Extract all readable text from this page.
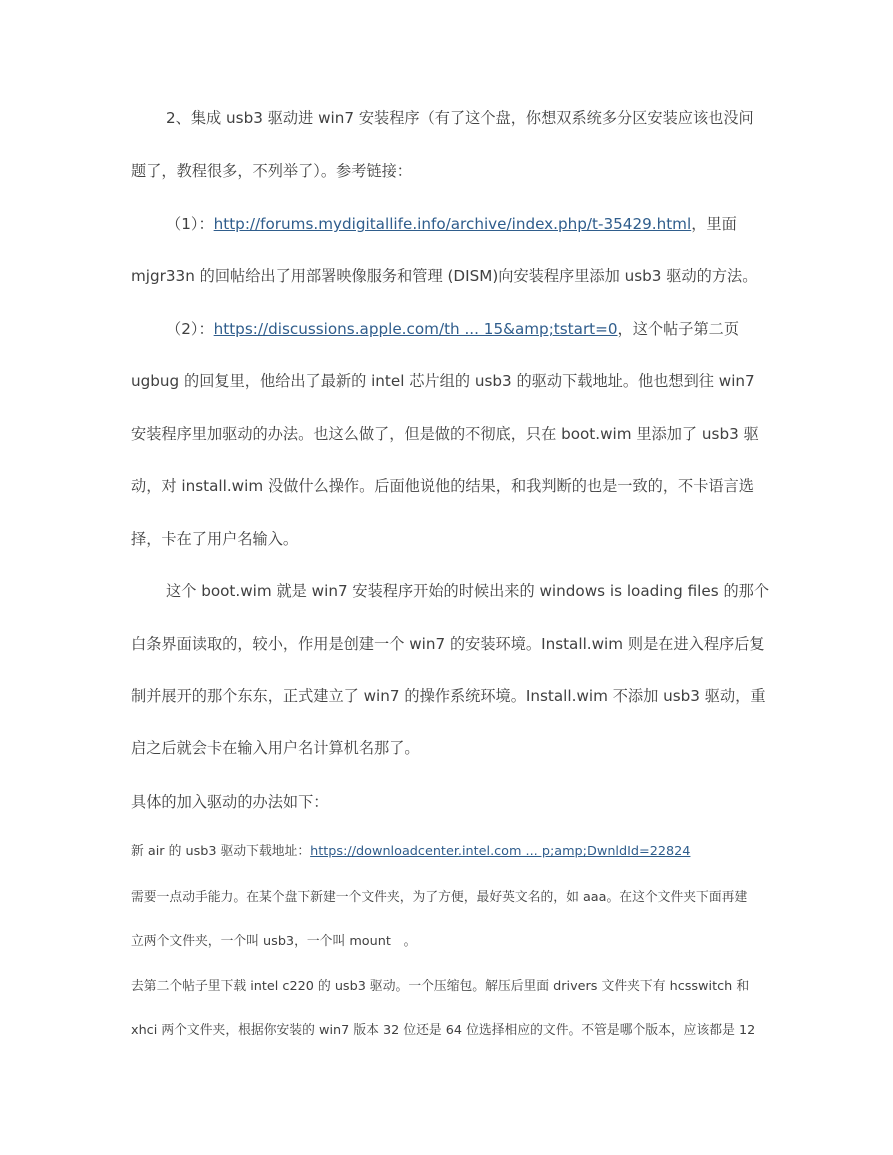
2、集成 usb3 驱动进 win7 安装程序（有了这个盘，你想双系统多分区安装应该也没问
题了，教程很多，不列举了）。参考链接：
（1）：http://forums.mydigitallife.info/archive/index.php/t-35429.html，里面
mjgr33n 的回帖给出了用部署映像服务和管理 (DISM)向安装程序里添加 usb3 驱动的方法。
（2）：https://discussions.apple.com/th ... 15&amp;tstart=0，这个帖子第二页
ugbug 的回复里，他给出了最新的 intel 芯片组的 usb3 的驱动下载地址。他也想到往 win7
安装程序里加驱动的办法。也这么做了，但是做的不彻底，只在 boot.wim 里添加了 usb3 驱
动，对 install.wim 没做什么操作。后面他说他的结果，和我判断的也是一致的，不卡语言选
择，卡在了用户名输入。
这个 boot.wim 就是 win7 安装程序开始的时候出来的 windows is loading files 的那个
白条界面读取的，较小，作用是创建一个 win7 的安装环境。Install.wim 则是在进入程序后复
制并展开的那个东东，正式建立了 win7 的操作系统环境。Install.wim 不添加 usb3 驱动，重
启之后就会卡在输入用户名计算机名那了。
具体的加入驱动的办法如下：
新 air 的 usb3 驱动下载地址：https://downloadcenter.intel.com ... p;amp;DwnldId=22824
需要一点动手能力。在某个盘下新建一个文件夹，为了方便，最好英文名的，如 aaa。在这个文件夹下面再建
立两个文件夹，一个叫 usb3，一个叫 mount　。
去第二个帖子里下载 intel c220 的 usb3 驱动。一个压缩包。解压后里面 drivers 文件夹下有 hcsswitch 和
xhci 两个文件夹，根据你安装的 win7 版本 32 位还是 64 位选择相应的文件。不管是哪个版本，应该都是 12
